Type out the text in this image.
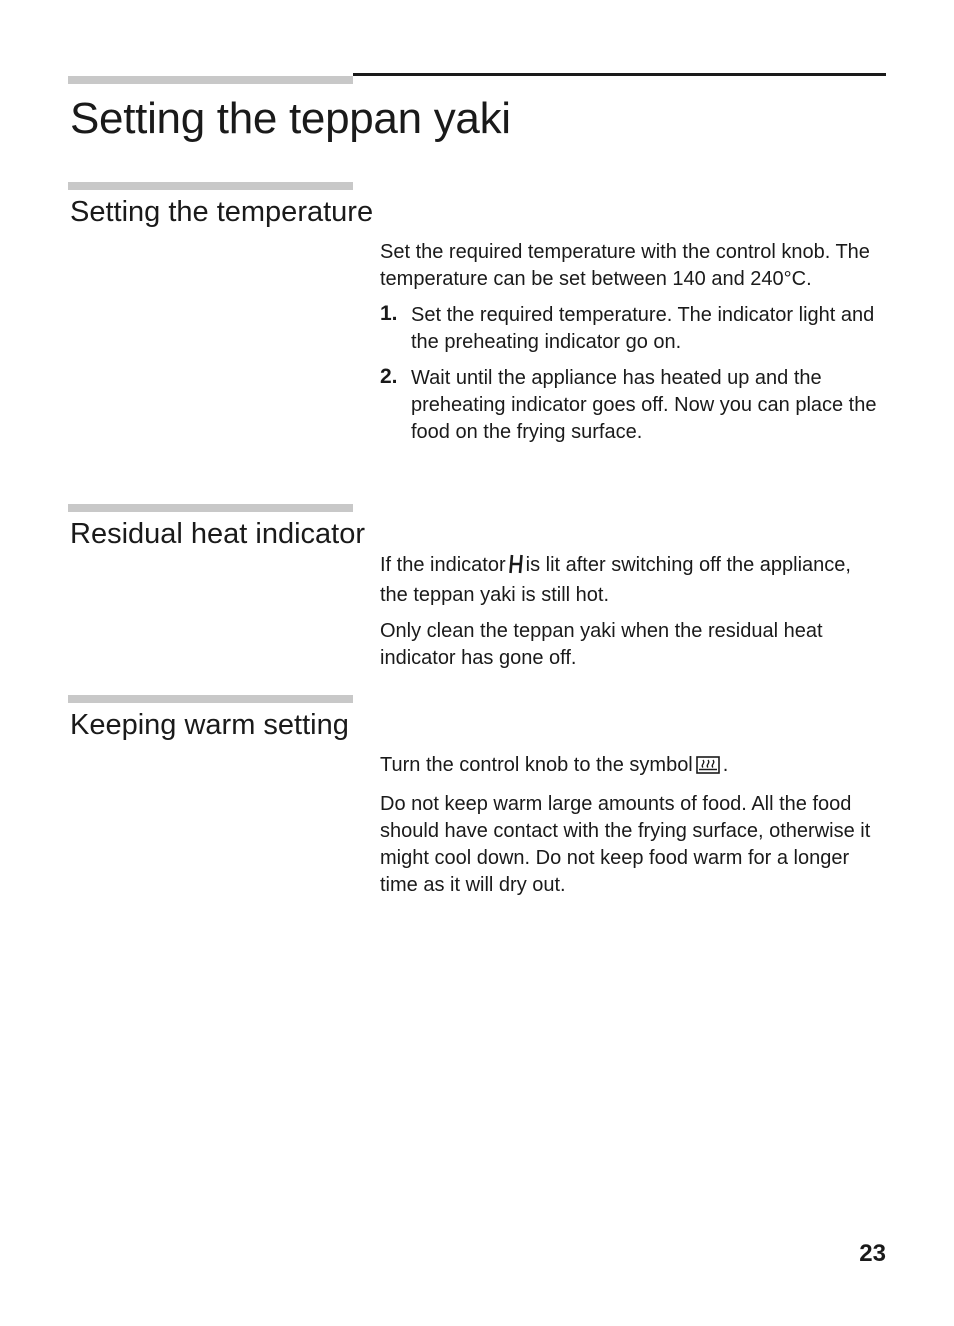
Setting the teppan yaki
Setting the temperature

Set the required temperature with the control knob. The temperature can be set between 140 and 240°C.

1. Set the required temperature. The indicator light and the preheating indicator go on.
2. Wait until the appliance has heated up and the preheating indicator goes off. Now you can place the food on the frying surface.
Residual heat indicator

If the indicator is lit after switching off the appliance, the teppan yaki is still hot.

Only clean the teppan yaki when the residual heat indicator has gone off.

Keeping warm setting

Turn the control knob to the symbol .

Do not keep warm large amounts of food. All the food should have contact with the frying surface, otherwise it might cool down. Do not keep food warm for a longer time as it will dry out.

23
